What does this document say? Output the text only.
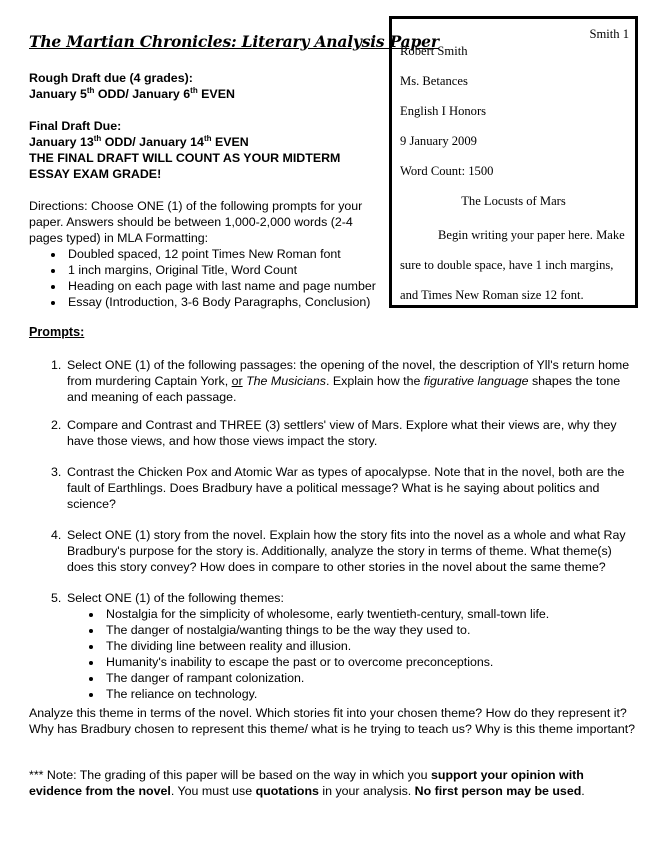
The Martian Chronicles: Literary Analysis Paper
Rough Draft due (4 grades):
January 5th ODD/ January 6th EVEN
Final Draft Due:
January 13th ODD/ January 14th EVEN
THE FINAL DRAFT WILL COUNT AS YOUR MIDTERM
ESSAY EXAM GRADE!
Directions: Choose ONE (1) of the following prompts for your paper. Answers should be between 1,000-2,000 words (2-4 pages typed) in MLA Formatting:
• Doubled spaced, 12 point Times New Roman font
• 1 inch margins, Original Title, Word Count
• Heading on each page with last name and page number
• Essay (Introduction, 3-6 Body Paragraphs, Conclusion)
Smith 1
Robert Smith
Ms. Betances
English I Honors
9 January 2009
Word Count: 1500
The Locusts of Mars
Begin writing your paper here. Make sure to double space, have 1 inch margins, and Times New Roman size 12 font.
Prompts:
1. Select ONE (1) of the following passages: the opening of the novel, the description of Yll's return home from murdering Captain York, or The Musicians. Explain how the figurative language shapes the tone and meaning of each passage.
2. Compare and Contrast and THREE (3) settlers' view of Mars. Explore what their views are, why they have those views, and how those views impact the story.
3. Contrast the Chicken Pox and Atomic War as types of apocalypse. Note that in the novel, both are the fault of Earthlings. Does Bradbury have a political message? What is he saying about politics and science?
4. Select ONE (1) story from the novel. Explain how the story fits into the novel as a whole and what Ray Bradbury's purpose for the story is. Additionally, analyze the story in terms of theme. What theme(s) does this story convey? How does in compare to other stories in the novel about the same theme?
5. Select ONE (1) of the following themes:
• Nostalgia for the simplicity of wholesome, early twentieth-century, small-town life.
• The danger of nostalgia/wanting things to be the way they used to.
• The dividing line between reality and illusion.
• Humanity's inability to escape the past or to overcome preconceptions.
• The danger of rampant colonization.
• The reliance on technology.
Analyze this theme in terms of the novel. Which stories fit into your chosen theme? How do they represent it? Why has Bradbury chosen to represent this theme/ what is he trying to teach us? Why is this theme important?
*** Note: The grading of this paper will be based on the way in which you support your opinion with evidence from the novel. You must use quotations in your analysis. No first person may be used.
